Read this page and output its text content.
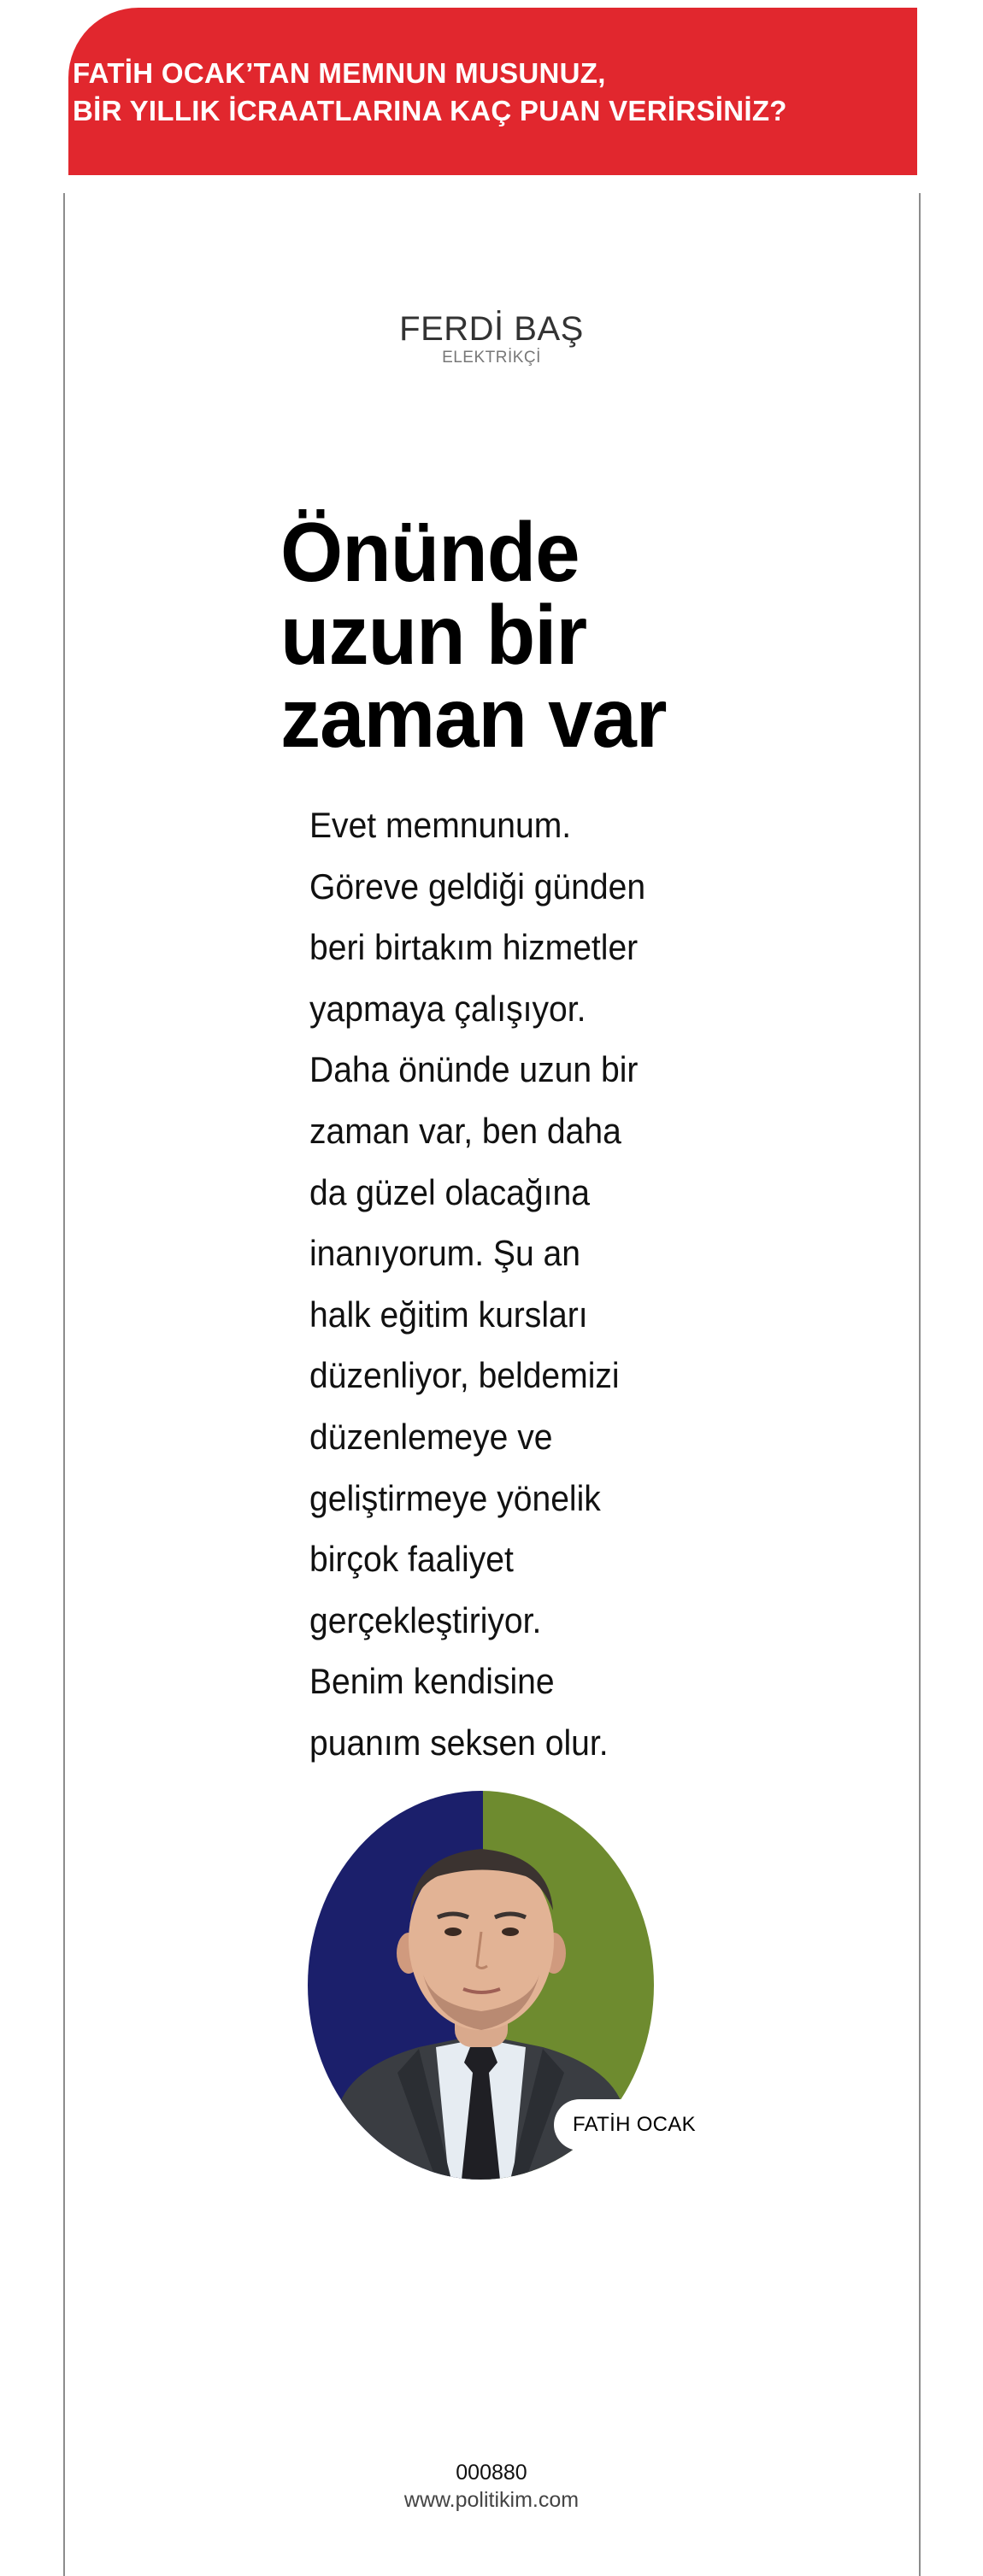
FATİH OCAK’TAN MEMNUN MUSUNUZ,
BİR YILLIK İCRAATLARINA KAÇ PUAN VERİRSİNİZ?
FERDİ BAŞ
ELEKTRİKÇİ
Önünde
uzun bir
zaman var
Evet memnunum.
Göreve geldiği günden
beri birtakım hizmetler
yapmaya çalışıyor.
Daha önünde uzun bir
zaman var, ben daha
da güzel olacağına
inanıyorum. Şu an
halk eğitim kursları
düzenliyor, beldemizi
düzenlemeye ve
geliştirmeye yönelik
birçok faaliyet
gerçekleştiriyor.
Benim kendisine
puanım seksen olur.
FATİH OCAK
000880
www.politikim.com
